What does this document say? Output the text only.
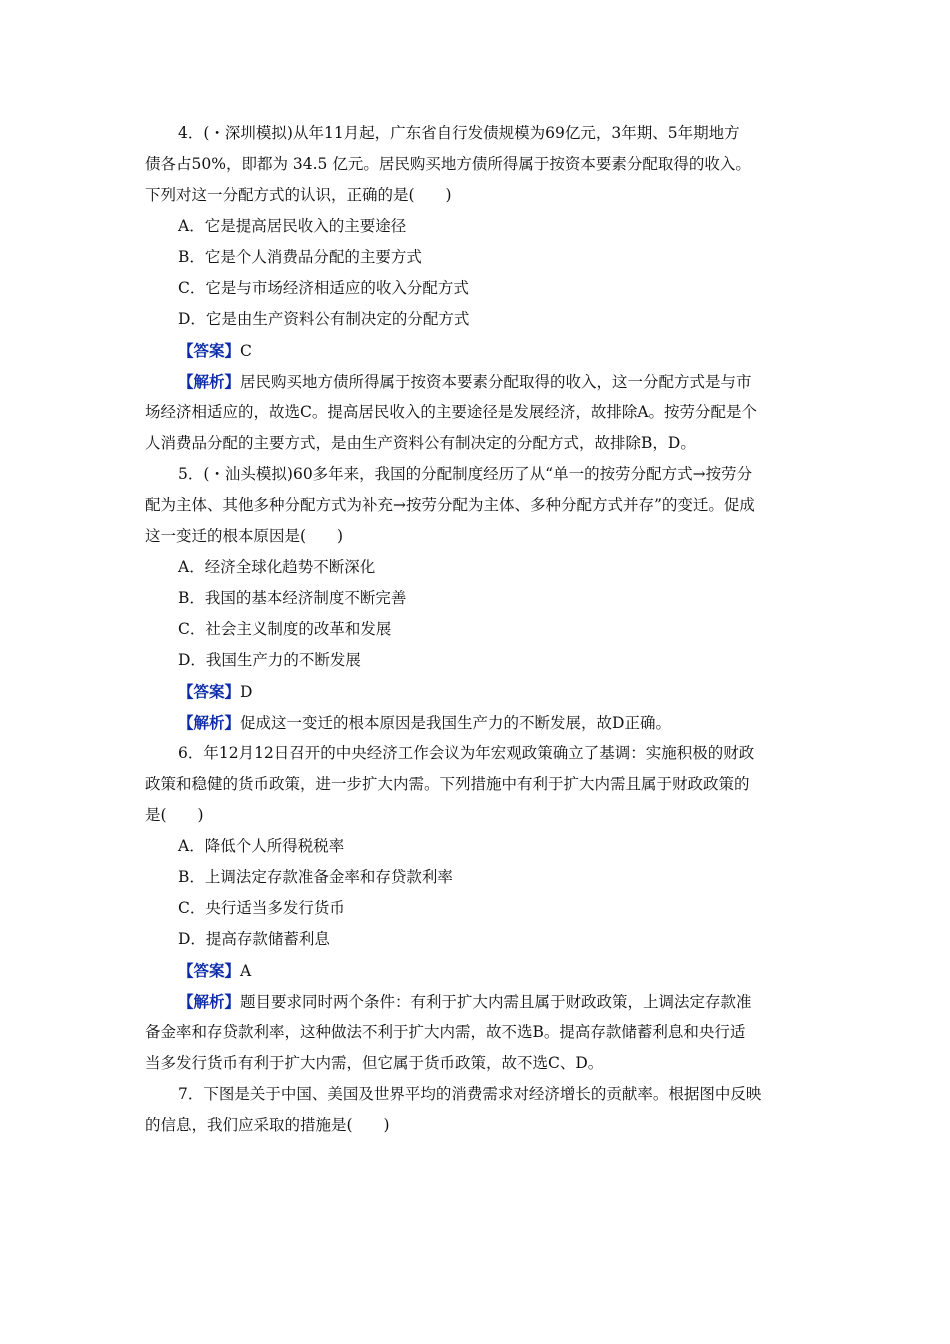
4．(・深圳模拟)从年11月起，广东省自行发债规模为69亿元，3年期、5年期地方
债各占50%，即都为 34.5 亿元。居民购买地方债所得属于按资本要素分配取得的收入。
下列对这一分配方式的认识，正确的是(　　)
A．它是提高居民收入的主要途径
B．它是个人消费品分配的主要方式
C．它是与市场经济相适应的收入分配方式
D．它是由生产资料公有制决定的分配方式
【答案】C
【解析】居民购买地方债所得属于按资本要素分配取得的收入，这一分配方式是与市
场经济相适应的，故选C。提高居民收入的主要途径是发展经济，故排除A。按劳分配是个
人消费品分配的主要方式，是由生产资料公有制决定的分配方式，故排除B，D。
5．(・汕头模拟)60多年来，我国的分配制度经历了从“单一的按劳分配方式→按劳分
配为主体、其他多种分配方式为补充→按劳分配为主体、多种分配方式并存”的变迁。促成
这一变迁的根本原因是(　　)
A．经济全球化趋势不断深化
B．我国的基本经济制度不断完善
C．社会主义制度的改革和发展
D．我国生产力的不断发展
【答案】D
【解析】促成这一变迁的根本原因是我国生产力的不断发展，故D正确。
6．年12月12日召开的中央经济工作会议为年宏观政策确立了基调：实施积极的财政
政策和稳健的货币政策，进一步扩大内需。下列措施中有利于扩大内需且属于财政政策的
是(　　)
A．降低个人所得税税率
B．上调法定存款准备金率和存贷款利率
C．央行适当多发行货币
D．提高存款储蓄利息
【答案】A
【解析】题目要求同时两个条件：有利于扩大内需且属于财政政策，上调法定存款准
备金率和存贷款利率，这种做法不利于扩大内需，故不选B。提高存款储蓄利息和央行适
当多发行货币有利于扩大内需，但它属于货币政策，故不选C、D。
7．下图是关于中国、美国及世界平均的消费需求对经济增长的贡献率。根据图中反映
的信息，我们应采取的措施是(　　)
